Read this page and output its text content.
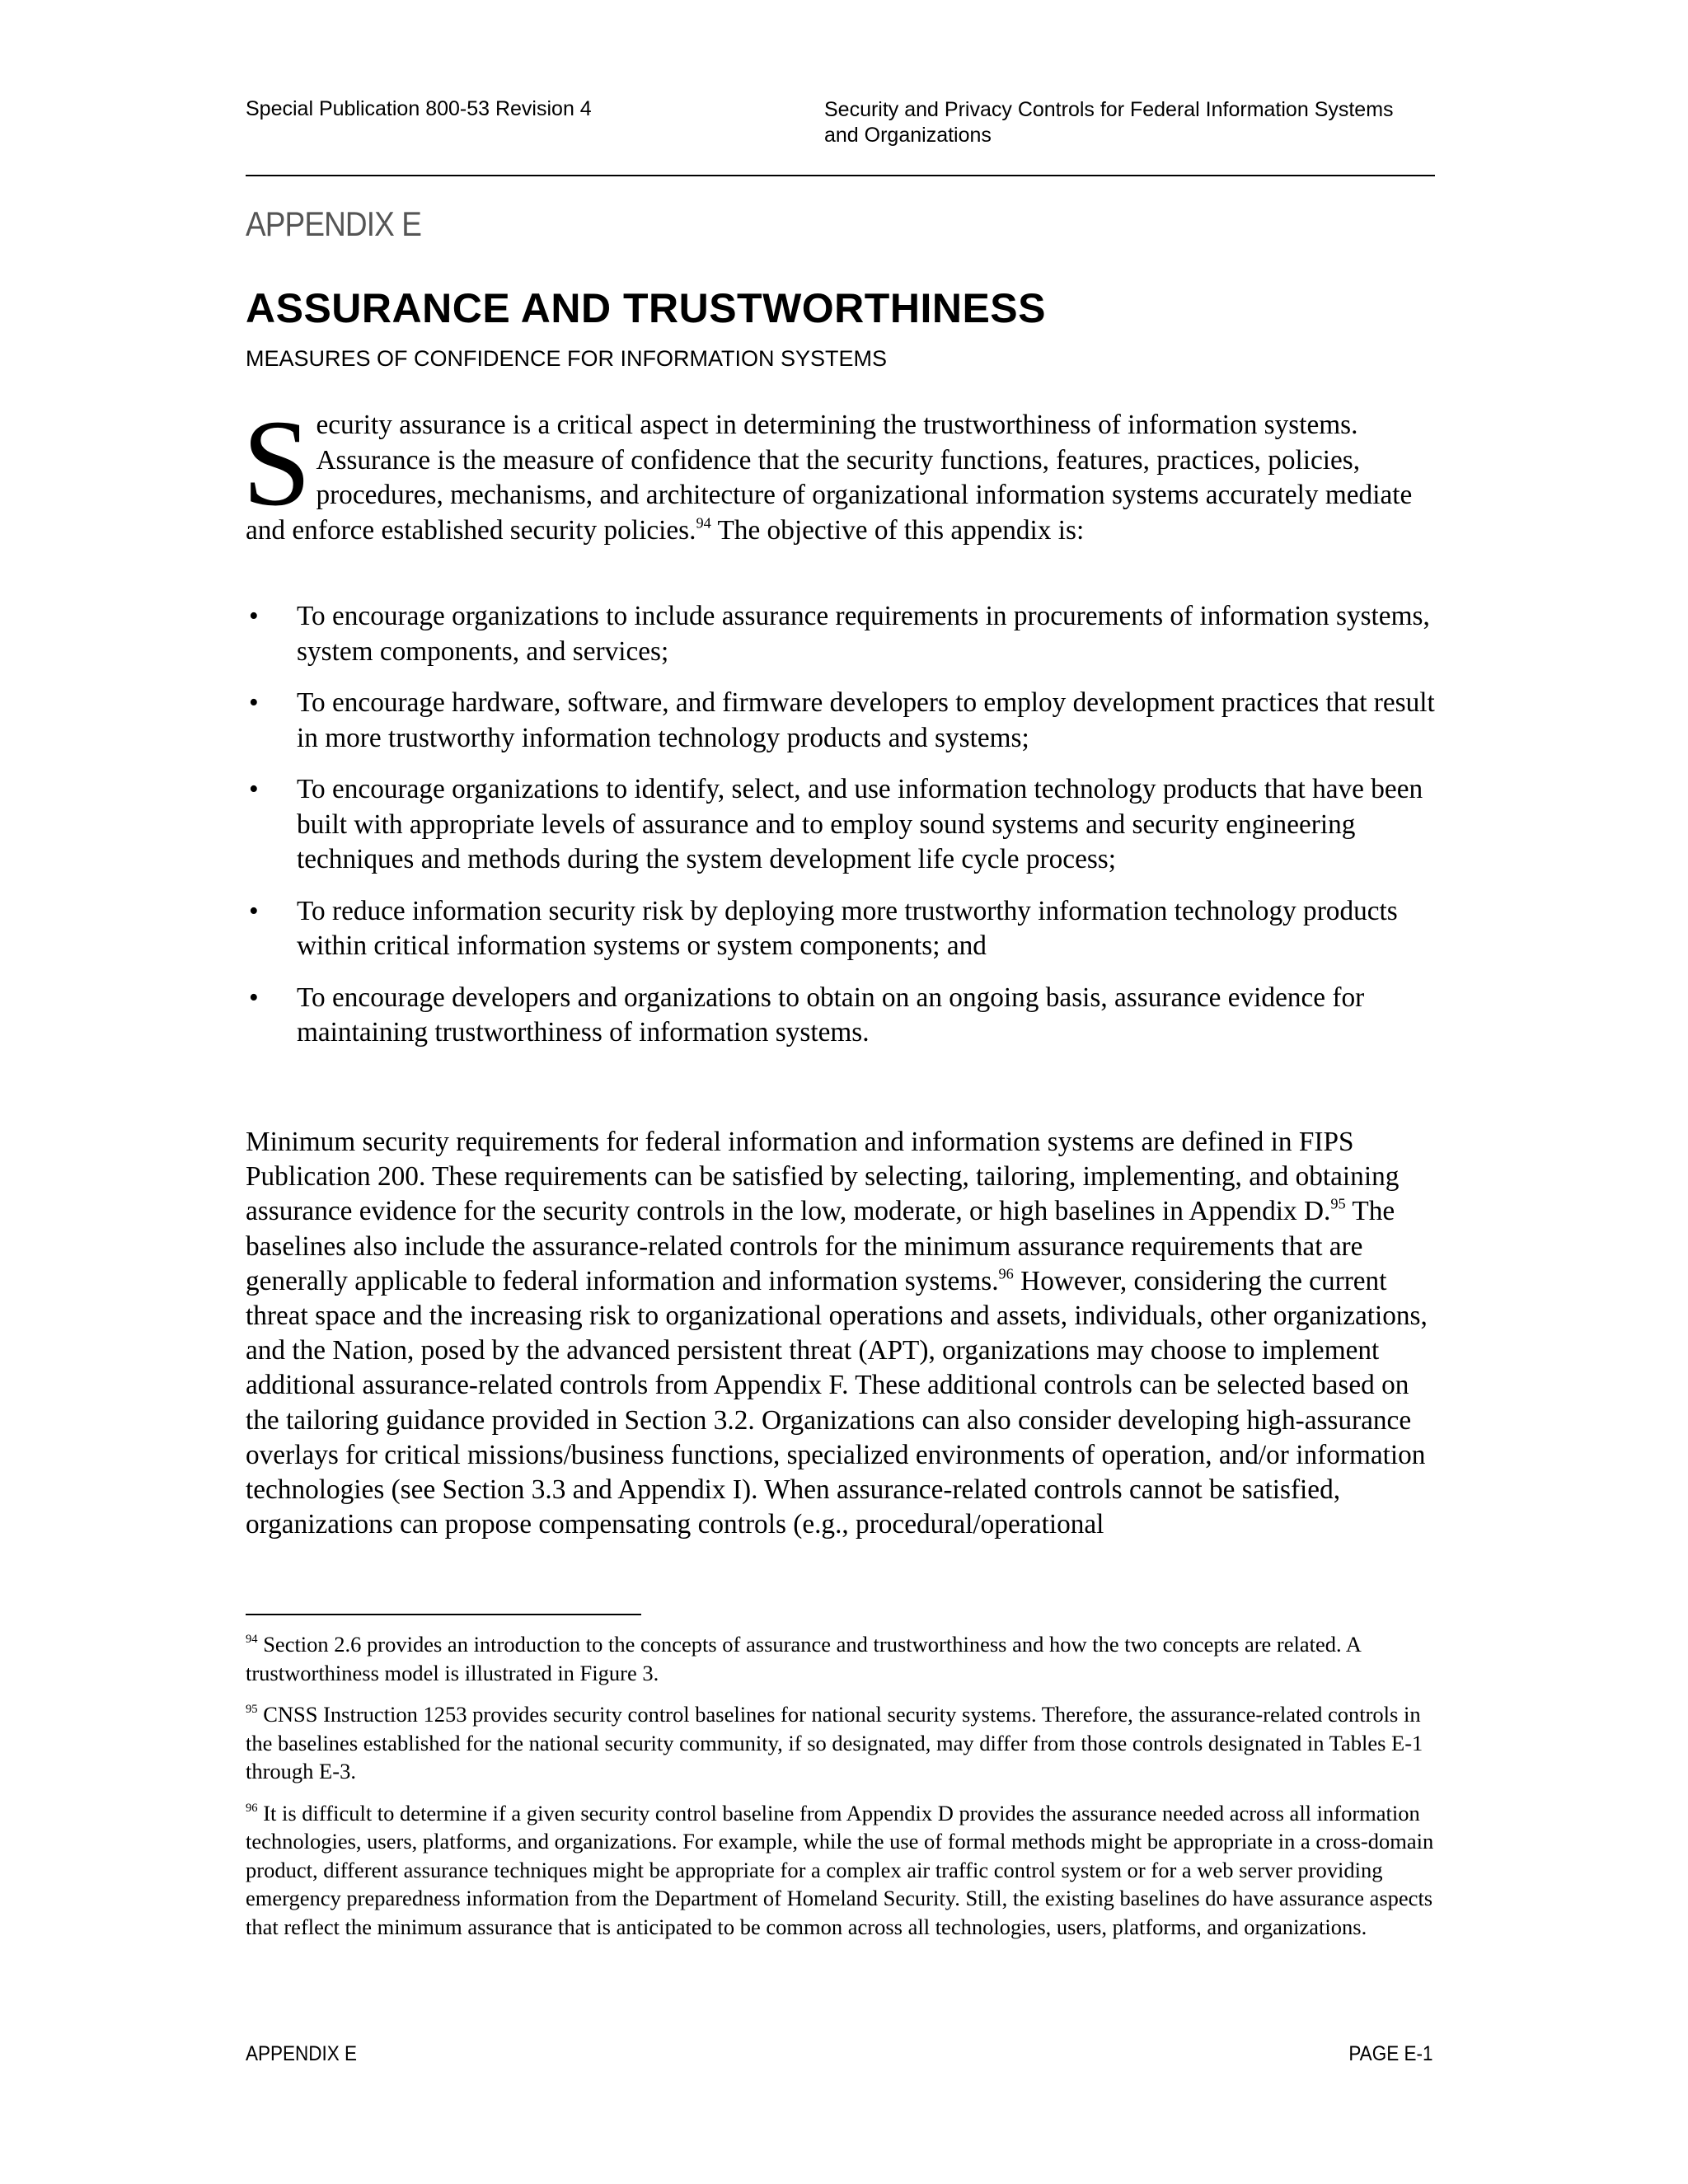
Special Publication 800-53 Revision 4	Security and Privacy Controls for Federal Information Systems
and Organizations
APPENDIX E
ASSURANCE AND TRUSTWORTHINESS
MEASURES OF CONFIDENCE FOR INFORMATION SYSTEMS
Security assurance is a critical aspect in determining the trustworthiness of information systems. Assurance is the measure of confidence that the security functions, features, practices, policies, procedures, mechanisms, and architecture of organizational information systems accurately mediate and enforce established security policies.$^{94}$ The objective of this appendix is:
• To encourage organizations to include assurance requirements in procurements of information systems, system components, and services;
• To encourage hardware, software, and firmware developers to employ development practices that result in more trustworthy information technology products and systems;
• To encourage organizations to identify, select, and use information technology products that have been built with appropriate levels of assurance and to employ sound systems and security engineering techniques and methods during the system development life cycle process;
• To reduce information security risk by deploying more trustworthy information technology products within critical information systems or system components; and
• To encourage developers and organizations to obtain on an ongoing basis, assurance evidence for maintaining trustworthiness of information systems.
Minimum security requirements for federal information and information systems are defined in FIPS Publication 200. These requirements can be satisfied by selecting, tailoring, implementing, and obtaining assurance evidence for the security controls in the low, moderate, or high baselines in Appendix D.$^{95}$ The baselines also include the assurance-related controls for the minimum assurance requirements that are generally applicable to federal information and information systems.$^{96}$ However, considering the current threat space and the increasing risk to organizational operations and assets, individuals, other organizations, and the Nation, posed by the advanced persistent threat (APT), organizations may choose to implement additional assurance-related controls from Appendix F. These additional controls can be selected based on the tailoring guidance provided in Section 3.2. Organizations can also consider developing high-assurance overlays for critical missions/business functions, specialized environments of operation, and/or information technologies (see Section 3.3 and Appendix I). When assurance-related controls cannot be satisfied, organizations can propose compensating controls (e.g., procedural/operational

$^{94}$ Section 2.6 provides an introduction to the concepts of assurance and trustworthiness and how the two concepts are related. A trustworthiness model is illustrated in Figure 3.

$^{95}$ CNSS Instruction 1253 provides security control baselines for national security systems. Therefore, the assurance-related controls in the baselines established for the national security community, if so designated, may differ from those controls designated in Tables E-1 through E-3.

$^{96}$ It is difficult to determine if a given security control baseline from Appendix D provides the assurance needed across all information technologies, users, platforms, and organizations. For example, while the use of formal methods might be appropriate in a cross-domain product, different assurance techniques might be appropriate for a complex air traffic control system or for a web server providing emergency preparedness information from the Department of Homeland Security. Still, the existing baselines do have assurance aspects that reflect the minimum assurance that is anticipated to be common across all technologies, users, platforms, and organizations.

APPENDIX E	PAGE E-1
